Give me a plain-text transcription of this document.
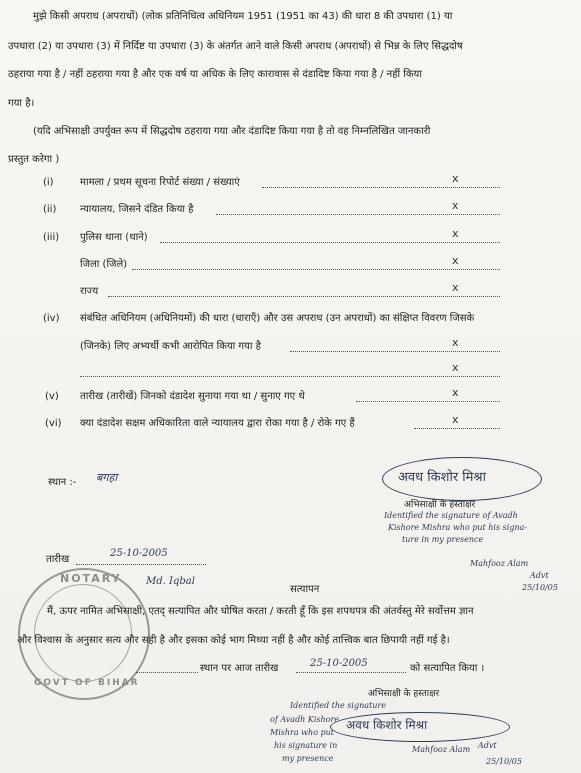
मुझे किसी अपराध (अपराधों) (लोक प्रतिनिधित्व अधिनियम 1951 (1951 का 43) की धारा 8 की उपधारा (1) या
उपधारा (2) या उपधारा (3) में निर्दिष्ट या उपधारा (3) के अंतर्गत आने वाले किसी अपराध (अपराधों) से भिन्न के लिए सिद्धदोष
ठहराया गया है / नहीं ठहराया गया है और एक वर्ष या अधिक के लिए कारावास से दंडादिष्ट किया गया है / नहीं किया
गया है।
(यदि अभिसाक्षी उपर्युक्त रूप में सिद्धदोष ठहराया गया और दंडादिष्ट किया गया है तो वह निम्नलिखित जानकारी
प्रस्तुत करेगा )
(i)	मामला / प्रथम सूचना रिपोर्ट संख्या / संख्याएं	x
(ii) न्यायालय, जिसने दंडित किया है	x
(iii) पुलिस थाना (थाने)	x
जिला (जिले)	x
राज्य	x
(iv) संबंधित अधिनियम (अधिनियमों) की धारा (धाराएँ) और उस अपराध (उन अपराधों) का संक्षिप्त विवरण जिसके
(जिनके) लिए अभ्यर्थी कभी आरोपित किया गया है	x
x
(v) तारीख (तारीखें) जिनको दंडादेश सुनाया गया था / सुनाए गए थे	x
(vi) क्या दंडादेश सक्षम अधिकारिता वाले न्यायालय द्वारा रोका गया है / रोके गए हैं	x
स्थान :- बगहा	अवध किशोर मिश्रा
अभिसाक्षी के हस्ताक्षर
Identified the signature of Avadh
Kishore Mishra who put his signa-
ture in my presence
Mahfooz Alam
Advt
25/10/05
तारीख
25-10-2005
NOTARY
GOVT OF BIHAR
Md. Iqbal
सत्यापन
मैं, ऊपर नामित अभिसाक्षी, एतद् सत्यापित और घोषित करता / करती हूँ कि इस शपथपत्र की अंतर्वस्तु मेरे सर्वोत्तम ज्ञान
और विश्वास के अनुसार सत्य और सही है और इसका कोई भाग मिथ्या नहीं है और कोई तात्त्विक बात छिपायी नहीं गई है।
स्थान पर आज तारीख	25-10-2005	को सत्यापित किया ।
अभिसाक्षी के हस्ताक्षर
अवध किशोर मिश्रा
Identified the signature
of Avadh Kishore
Mishra who put
his signature in
my presence
Mahfooz Alam Advt
25/10/05
